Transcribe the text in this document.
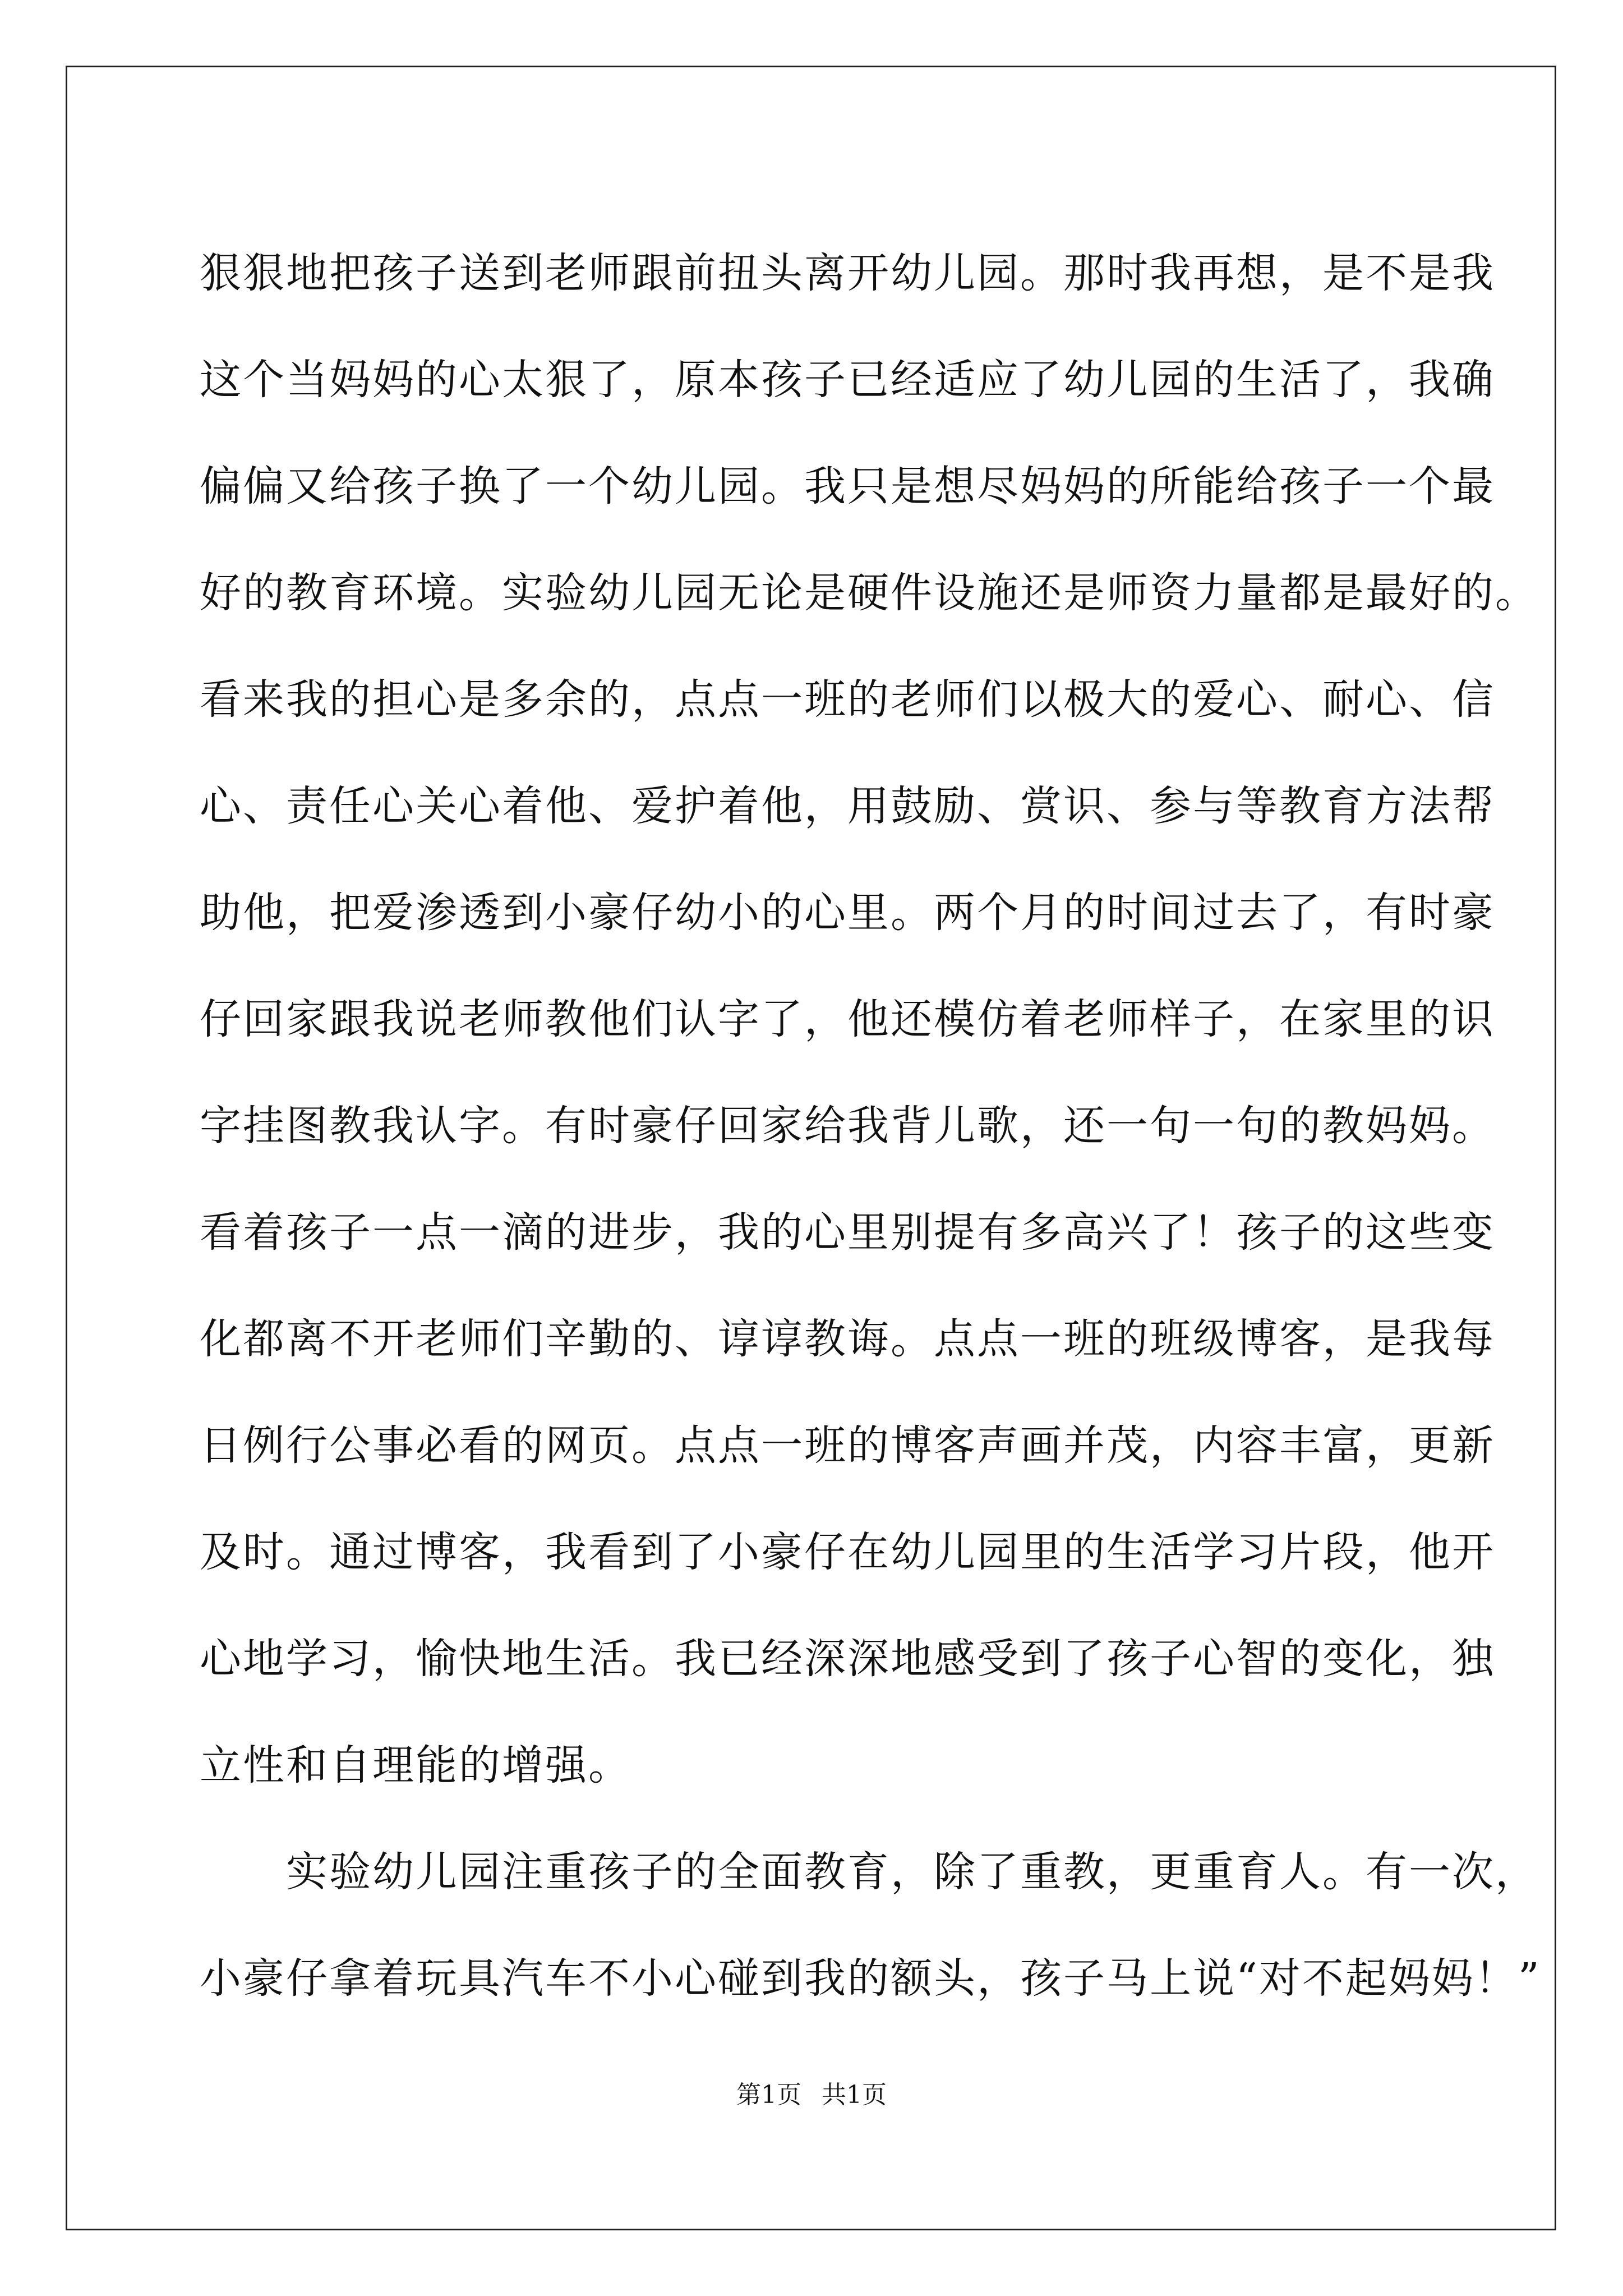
狠狠地把孩子送到老师跟前扭头离开幼儿园。那时我再想，是不是我
这个当妈妈的心太狠了，原本孩子已经适应了幼儿园的生活了，我确
偏偏又给孩子换了一个幼儿园。我只是想尽妈妈的所能给孩子一个最
好的教育环境。实验幼儿园无论是硬件设施还是师资力量都是最好的。
看来我的担心是多余的，点点一班的老师们以极大的爱心、耐心、信
心、责任心关心着他、爱护着他，用鼓励、赏识、参与等教育方法帮
助他，把爱渗透到小豪仔幼小的心里。两个月的时间过去了，有时豪
仔回家跟我说老师教他们认字了，他还模仿着老师样子，在家里的识
字挂图教我认字。有时豪仔回家给我背儿歌，还一句一句的教妈妈。
看着孩子一点一滴的进步，我的心里别提有多高兴了！孩子的这些变
化都离不开老师们辛勤的、谆谆教诲。点点一班的班级博客，是我每
日例行公事必看的网页。点点一班的博客声画并茂，内容丰富，更新
及时。通过博客，我看到了小豪仔在幼儿园里的生活学习片段，他开
心地学习，愉快地生活。我已经深深地感受到了孩子心智的变化，独
立性和自理能的增强。
　　实验幼儿园注重孩子的全面教育，除了重教，更重育人。有一次，
小豪仔拿着玩具汽车不小心碰到我的额头，孩子马上说“对不起妈妈！”
第1页 共1页
